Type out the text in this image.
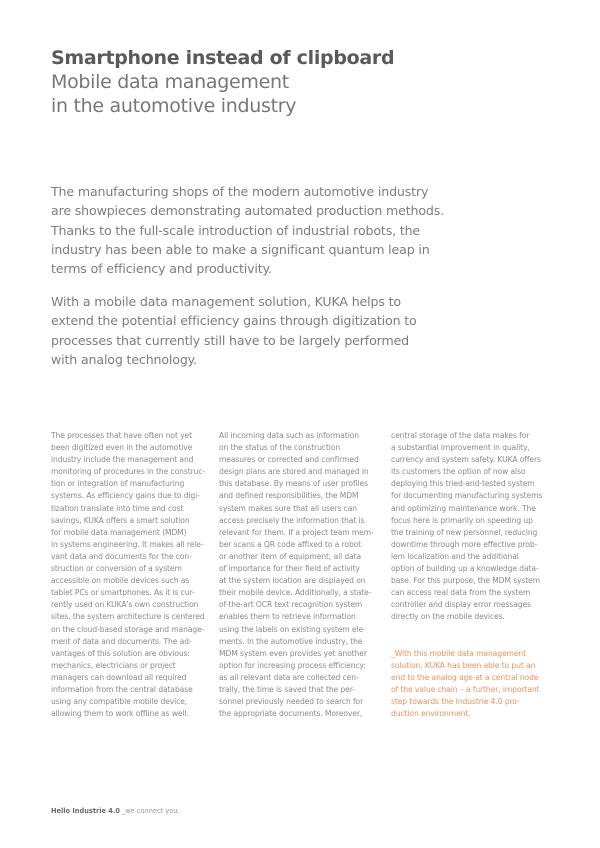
Smartphone instead of clipboard
Mobile data management
in the automotive industry
The manufacturing shops of the modern automotive industry
are showpieces demonstrating automated production methods.
Thanks to the full-scale introduction of industrial robots, the
industry has been able to make a significant quantum leap in
terms of efficiency and productivity.
With a mobile data management solution, KUKA helps to
extend the potential efficiency gains through digitization to
processes that currently still have to be largely performed
with analog technology.
The processes that have often not yet
been digitized even in the automotive
industry include the management and
monitoring of procedures in the construc-
tion or integration of manufacturing
systems. As efficiency gains due to digi-
tization translate into time and cost
savings, KUKA offers a smart solution
for mobile data management (MDM)
in systems engineering. It makes all rele-
vant data and documents for the con-
struction or conversion of a system
accessible on mobile devices such as
tablet PCs or smartphones. As it is cur-
rently used on KUKA's own construction
sites, the system architecture is centered
on the cloud-based storage and manage-
ment of data and documents. The ad-
vantages of this solution are obvious:
mechanics, electricians or project
managers can download all required
information from the central database
using any compatible mobile device,
allowing them to work offline as well.
All incoming data such as information
on the status of the construction
measures or corrected and confirmed
design plans are stored and managed in
this database. By means of user profiles
and defined responsibilities, the MDM
system makes sure that all users can
access precisely the information that is
relevant for them. If a project team mem-
ber scans a QR code affixed to a robot
or another item of equipment, all data
of importance for their field of activity
at the system location are displayed on
their mobile device. Additionally, a state-
of-the-art OCR text recognition system
enables them to retrieve information
using the labels on existing system ele-
ments. In the automotive industry, the
MDM system even provides yet another
option for increasing process efficiency:
as all relevant data are collected cen-
trally, the time is saved that the per-
sonnel previously needed to search for
the appropriate documents. Moreover,
central storage of the data makes for
a substantial improvement in quality,
currency and system safety. KUKA offers
its customers the option of now also
deploying this tried-and-tested system
for documenting manufacturing systems
and optimizing maintenance work. The
focus here is primarily on speeding up
the training of new personnel, reducing
downtime through more effective prob-
lem localization and the additional
option of building up a knowledge data-
base. For this purpose, the MDM system
can access real data from the system
controller and display error messages
directly on the mobile devices.
_With this mobile data management
solution, KUKA has been able to put an
end to the analog age at a central node
of the value chain – a further, important
step towards the Industrie 4.0 pro-
duction environment.
Hello Industrie 4.0 _we connect you.
